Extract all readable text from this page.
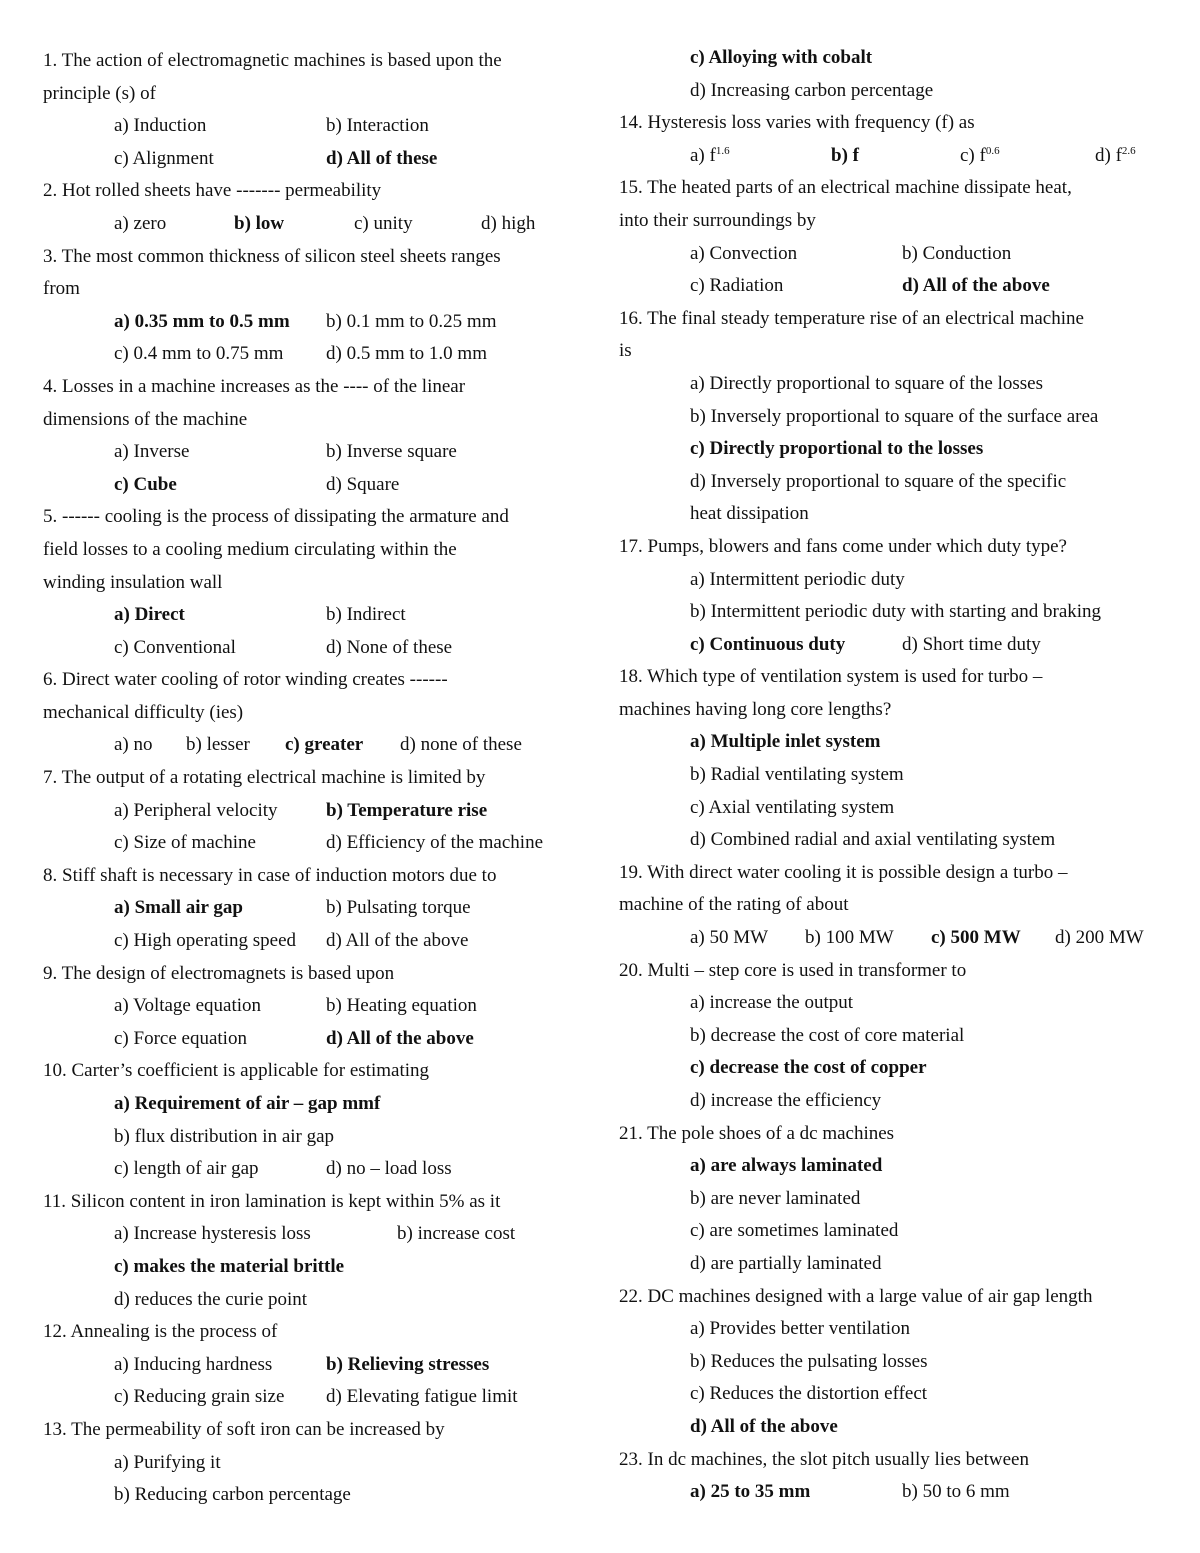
1. The action of electromagnetic machines is based upon the
principle (s) of
a) Induction	b) Interaction
c) Alignment	d) All of these
2. Hot rolled sheets have ------- permeability
a) zero	b) low	c) unity	d) high
3. The most common thickness of silicon steel sheets ranges
from
a) 0.35 mm to 0.5 mm b) 0.1 mm to 0.25 mm
c) 0.4 mm to 0.75 mm d) 0.5 mm to 1.0 mm
4. Losses in a machine increases as the ---- of the linear
dimensions of the machine
a) Inverse	b) Inverse square
c) Cube	d) Square
5. ------ cooling is the process of dissipating the armature and
field losses to a cooling medium circulating within the
winding insulation wall
a) Direct	b) Indirect
c) Conventional	d) None of these
6. Direct water cooling of rotor winding creates ------
mechanical difficulty (ies)
a) no b) lesser c) greater d) none of these
7. The output of a rotating electrical machine is limited by
a) Peripheral velocity	b) Temperature rise
c) Size of machine	d) Efficiency of the machine
8. Stiff shaft is necessary in case of induction motors due to
a) Small air gap	b) Pulsating torque
c) High operating speed d) All of the above
9. The design of electromagnets is based upon
a) Voltage equation	b) Heating equation
c) Force equation	d) All of the above
10. Carter’s coefficient is applicable for estimating
a) Requirement of air – gap mmf
b) flux distribution in air gap
c) length of air gap	d) no – load loss
11. Silicon content in iron lamination is kept within 5% as it
a) Increase hysteresis loss	b) increase cost
c) makes the material brittle
d) reduces the curie point
12. Annealing is the process of
a) Inducing hardness	b) Relieving stresses
c) Reducing grain size d) Elevating fatigue limit
13. The permeability of soft iron can be increased by
a) Purifying it
b) Reducing carbon percentage
c) Alloying with cobalt
d) Increasing carbon percentage
14. Hysteresis loss varies with frequency (f) as
a) $f^{1.6}$	b) f	c) $f^{0.6}$	d) $f^{2.6}$
15. The heated parts of an electrical machine dissipate heat,
into their surroundings by
a) Convection	b) Conduction
c) Radiation	d) All of the above
16. The final steady temperature rise of an electrical machine
is
a) Directly proportional to square of the losses
b) Inversely proportional to square of the surface area
c) Directly proportional to the losses
d) Inversely proportional to square of the specific
heat dissipation
17. Pumps, blowers and fans come under which duty type?
a) Intermittent periodic duty
b) Intermittent periodic duty with starting and braking
c) Continuous duty	d) Short time duty
18. Which type of ventilation system is used for turbo –
machines having long core lengths?
a) Multiple inlet system
b) Radial ventilating system
c) Axial ventilating system
d) Combined radial and axial ventilating system
19. With direct water cooling it is possible design a turbo –
machine of the rating of about
a) 50 MW b) 100 MW c) 500 MW d) 200 MW
20. Multi – step core is used in transformer to
a) increase the output
b) decrease the cost of core material
c) decrease the cost of copper
d) increase the efficiency
21. The pole shoes of a dc machines
a) are always laminated
b) are never laminated
c) are sometimes laminated
d) are partially laminated
22. DC machines designed with a large value of air gap length
a) Provides better ventilation
b) Reduces the pulsating losses
c) Reduces the distortion effect
d) All of the above
23. In dc machines, the slot pitch usually lies between
a) 25 to 35 mm	b) 50 to 6 mm
